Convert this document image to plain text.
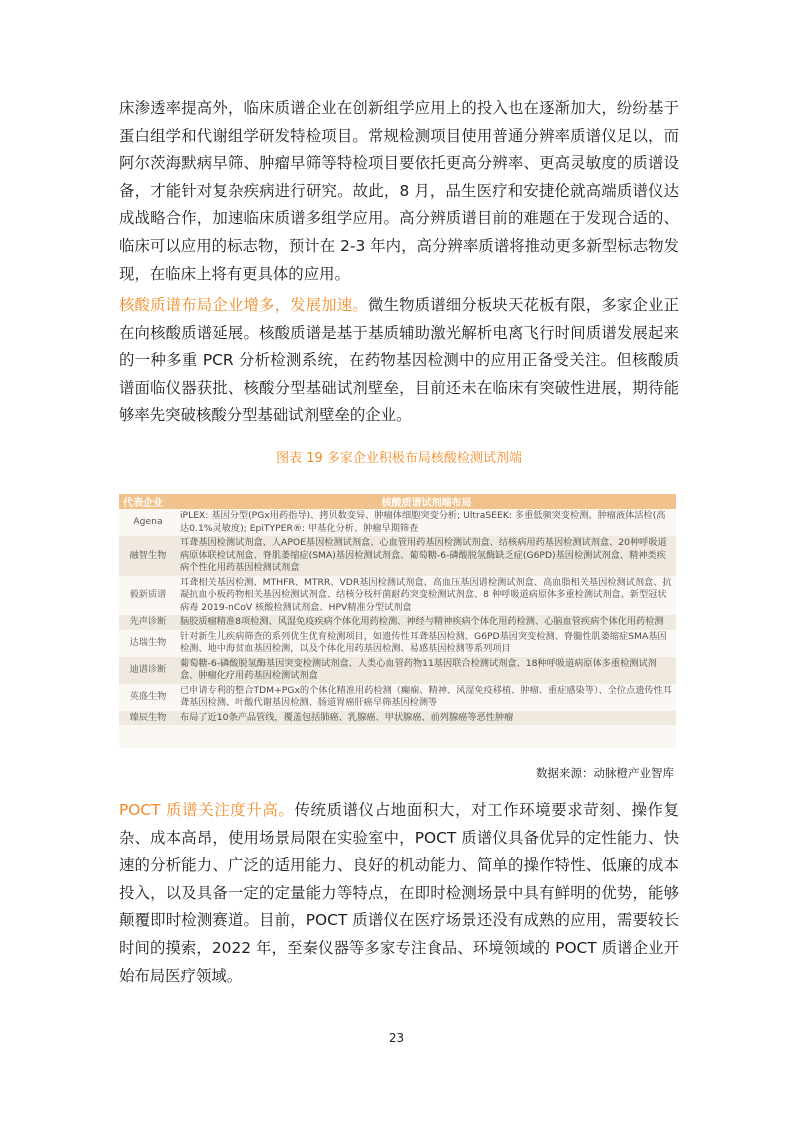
床渗透率提高外，临床质谱企业在创新组学应用上的投入也在逐渐加大，纷纷基于蛋白组学和代谢组学研发特检项目。常规检测项目使用普通分辨率质谱仪足以，而阿尔茨海默病早筛、肿瘤早筛等特检项目要依托更高分辨率、更高灵敏度的质谱设备，才能针对复杂疾病进行研究。故此，8 月，品生医疗和安捷伦就高端质谱仪达成战略合作，加速临床质谱多组学应用。高分辨质谱目前的难题在于发现合适的、临床可以应用的标志物，预计在 2-3 年内，高分辨率质谱将推动更多新型标志物发现，在临床上将有更具体的应用。

核酸质谱布局企业增多，发展加速。微生物质谱细分板块天花板有限，多家企业正在向核酸质谱延展。核酸质谱是基于基质辅助激光解析电离飞行时间质谱发展起来的一种多重 PCR 分析检测系统，在药物基因检测中的应用正备受关注。但核酸质谱面临仪器获批、核酸分型基础试剂壁垒，目前还未在临床有突破性进展，期待能够率先突破核酸分型基础试剂壁垒的企业。

图表 19 多家企业积极布局核酸检测试剂端
代表企业	核酸质谱试剂端布局
Agena	iPLEX: 基因分型(PGx用药指导)、拷贝数变异、肿瘤体细胞突变分析; UltraSEEK: 多重低频突变检测、肿瘤液体活检(高达0.1%灵敏度); EpiTYPER®: 甲基化分析、肿瘤早期筛查
融智生物	耳聋基因检测试剂盒、人APOE基因检测试剂盒、心血管用药基因检测试剂盒、结核病用药基因检测试剂盒、20种呼吸道病原体联检试剂盒、脊肌萎缩症(SMA)基因检测试剂盒、葡萄糖-6-磷酸脱氢酶缺乏症(G6PD)基因检测试剂盒、精神类疾病个性化用药基因检测试剂盒
毅新质谱	耳聋相关基因检测、MTHFR、MTRR、VDR基因检测试剂盒、高血压基因谱检测试剂盒、高血脂相关基因检测试剂盒、抗凝抗血小板药物相关基因检测试剂盒、结核分枝杆菌耐药突变检测试剂盒、8 种呼吸道病原体多重检测试剂盒、新型冠状病毒 2019-nCoV 核酸检测试剂盒、HPV精准分型试剂盒
先声诊断	脑胶质瘤精准8项检测、风湿免疫疾病个体化用药检测、神经与精神疾病个体化用药检测、心脑血管疾病个体化用药检测
达瑞生物	针对新生儿疾病筛查的系列优生优育检测项目，如遗传性耳聋基因检测、G6PD基因突变检测、脊髓性肌萎缩症SMA基因检测、地中海贫血基因检测，以及个体化用药基因检测、易感基因检测等系列项目
迪谱诊断	葡萄糖-6-磷酸脱氢酶基因突变检测试剂盒、人类心血管药物11基因联合检测试剂盒、18种呼吸道病原体多重检测试剂盒、肿瘤化疗用药基因检测试剂盒
英盛生物	已申请专利的整合TDM+PGx的个体化精准用药检测（癫痫、精神、风湿免疫移植、肿瘤、重症感染等）、全位点遗传性耳聋基因检测、叶酸代谢基因检测、肠道胃癌肝癌早筛基因检测等
臻辰生物	布局了近10条产品管线，覆盖包括肺癌、乳腺癌、甲状腺癌、前列腺癌等恶性肿瘤
数据来源：动脉橙产业智库

POCT 质谱关注度升高。传统质谱仪占地面积大，对工作环境要求苛刻、操作复杂、成本高昂，使用场景局限在实验室中，POCT 质谱仪具备优异的定性能力、快速的分析能力、广泛的适用能力、良好的机动能力、简单的操作特性、低廉的成本投入，以及具备一定的定量能力等特点，在即时检测场景中具有鲜明的优势，能够颠覆即时检测赛道。目前，POCT 质谱仪在医疗场景还没有成熟的应用，需要较长时间的摸索，2022 年，至秦仪器等多家专注食品、环境领域的 POCT 质谱企业开始布局医疗领域。

23
